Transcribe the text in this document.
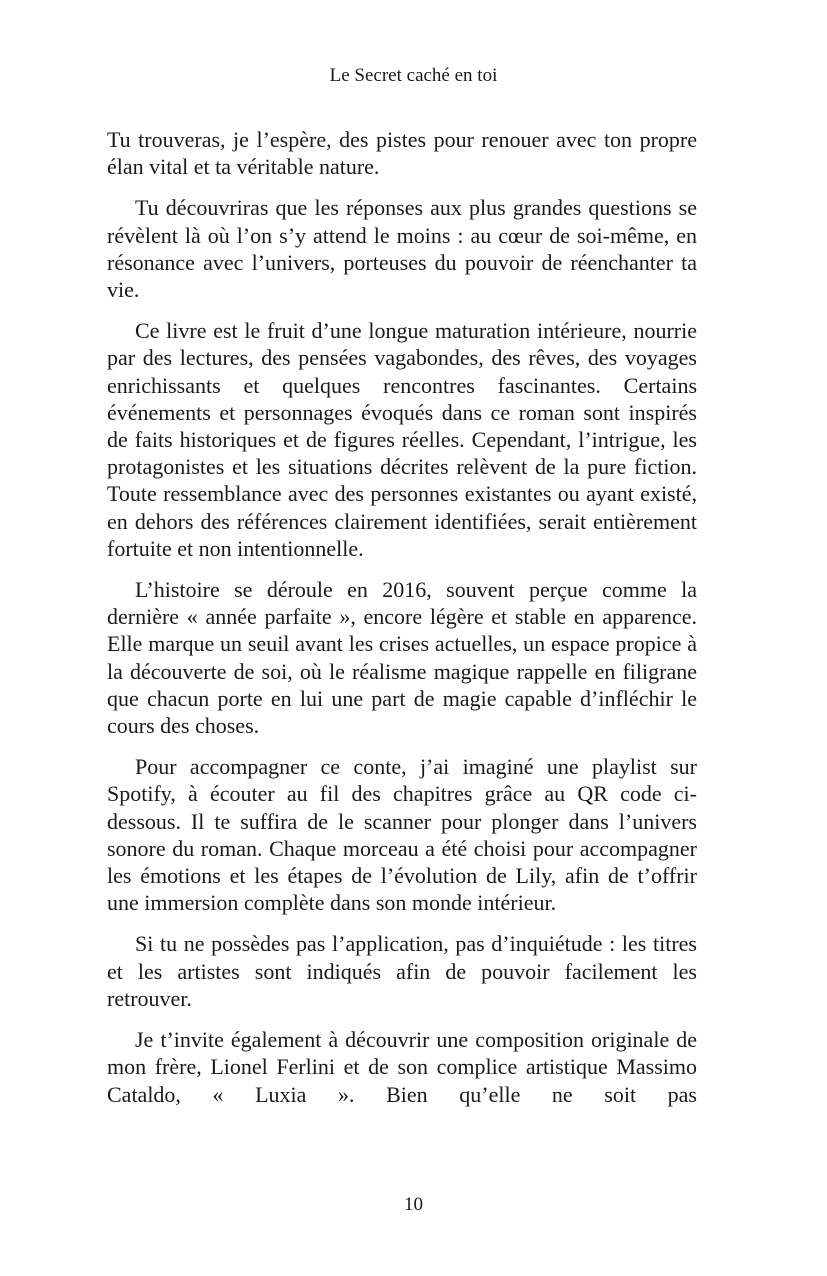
Le Secret caché en toi

Tu trouveras, je l’espère, des pistes pour renouer avec ton propre élan vital et ta véritable nature.

Tu découvriras que les réponses aux plus grandes questions se révèlent là où l’on s’y attend le moins : au cœur de soi-même, en résonance avec l’univers, porteuses du pouvoir de réenchanter ta vie.

Ce livre est le fruit d’une longue maturation intérieure, nourrie par des lectures, des pensées vagabondes, des rêves, des voyages enrichissants et quelques rencontres fascinantes. Certains événements et personnages évoqués dans ce roman sont inspirés de faits historiques et de figures réelles. Cependant, l’intrigue, les protagonistes et les situations décrites relèvent de la pure fiction. Toute ressemblance avec des personnes existantes ou ayant existé, en dehors des références clairement identifiées, serait entièrement fortuite et non intentionnelle.

L’histoire se déroule en 2016, souvent perçue comme la dernière « année parfaite », encore légère et stable en apparence. Elle marque un seuil avant les crises actuelles, un espace propice à la découverte de soi, où le réalisme magique rappelle en filigrane que chacun porte en lui une part de magie capable d’infléchir le cours des choses.

Pour accompagner ce conte, j’ai imaginé une playlist sur Spotify, à écouter au fil des chapitres grâce au QR code ci-dessous. Il te suffira de le scanner pour plonger dans l’univers sonore du roman. Chaque morceau a été choisi pour accompagner les émotions et les étapes de l’évolution de Lily, afin de t’offrir une immersion complète dans son monde intérieur.

Si tu ne possèdes pas l’application, pas d’inquiétude : les titres et les artistes sont indiqués afin de pouvoir facilement les retrouver.

Je t’invite également à découvrir une composition originale de mon frère, Lionel Ferlini et de son complice artistique Massimo Cataldo, « Luxia ». Bien qu’elle ne soit pas

10
